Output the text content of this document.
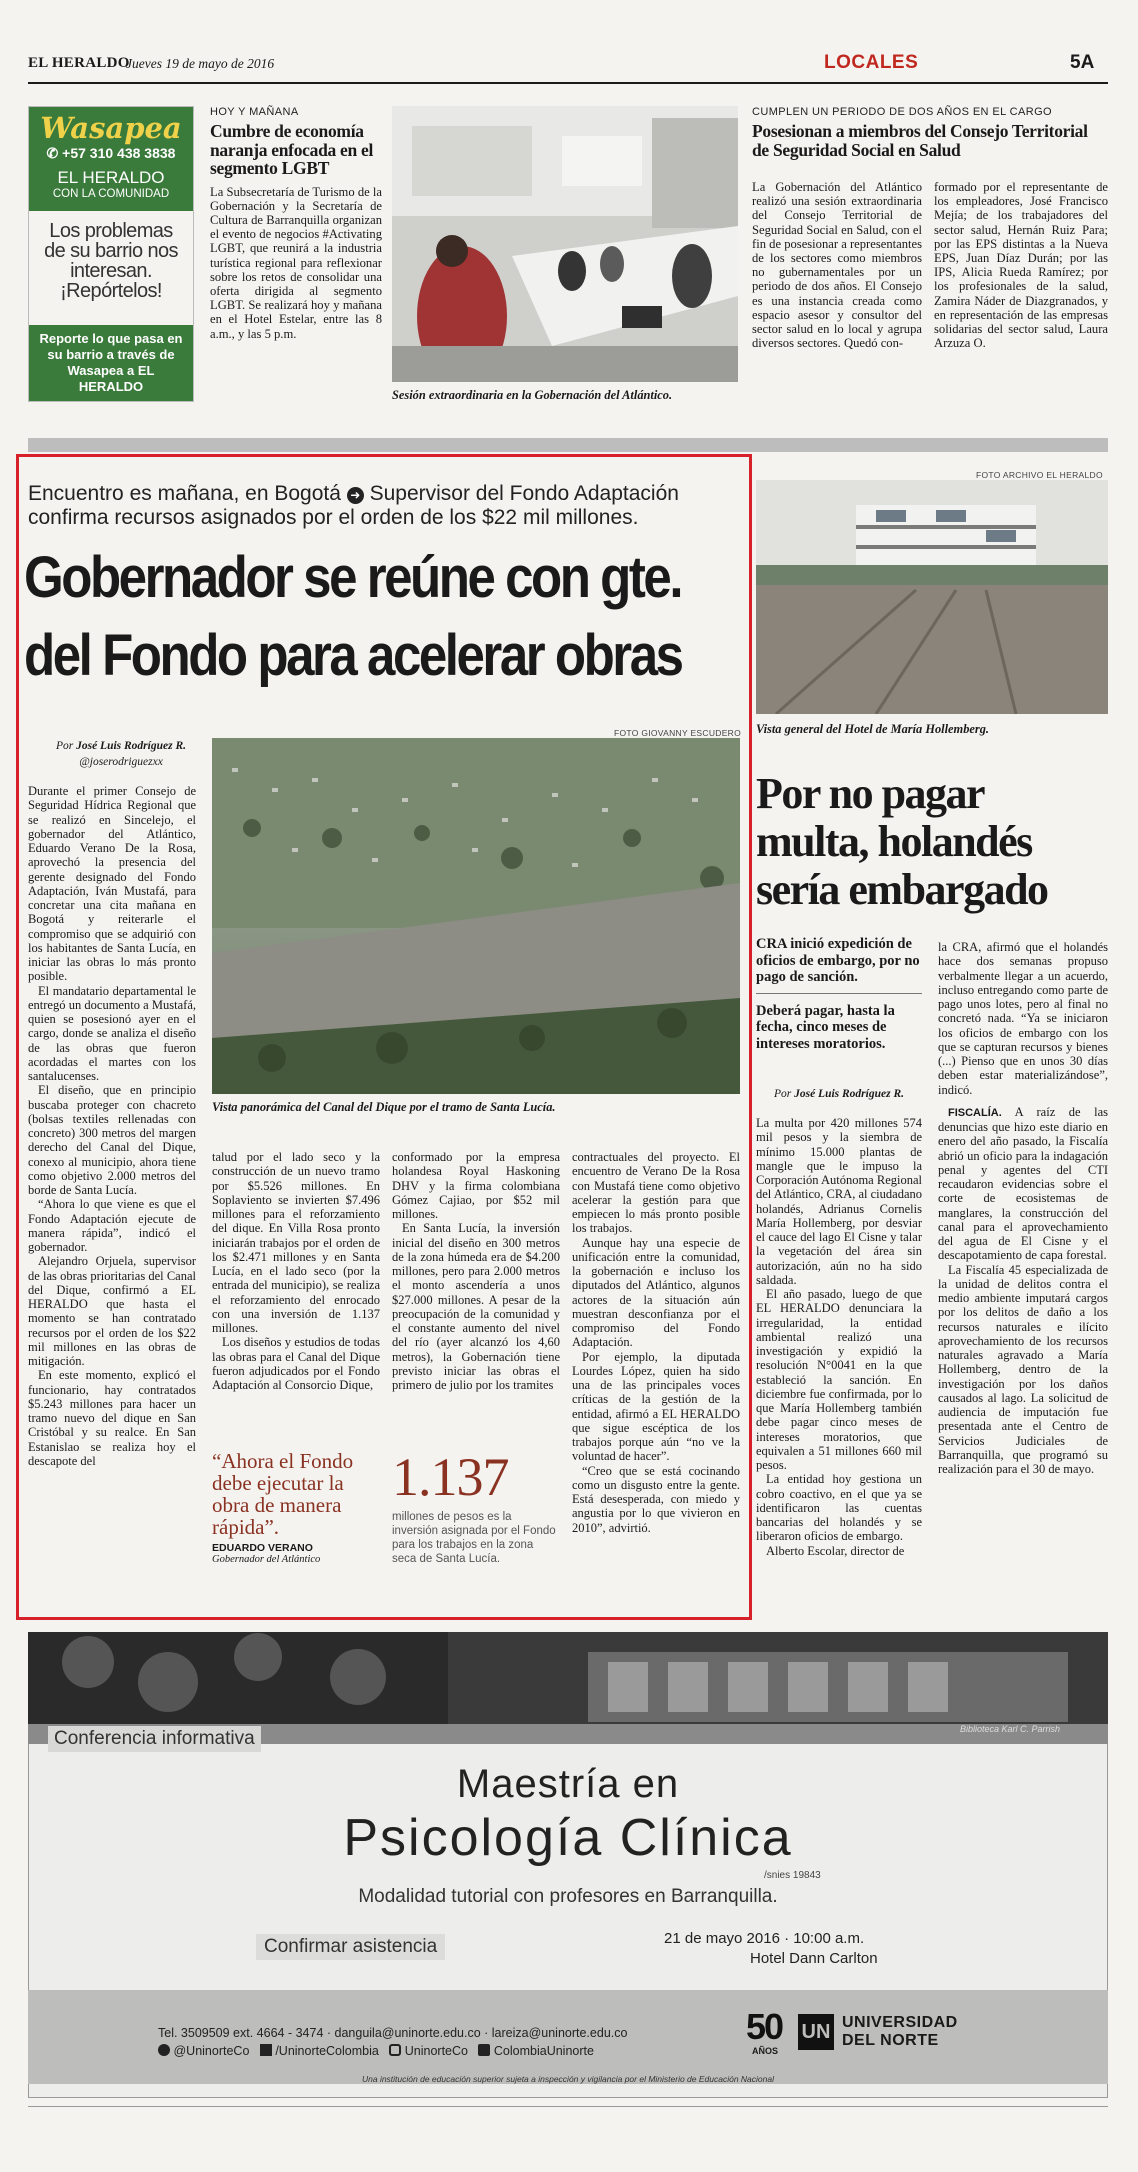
EL HERALDO
Jueves 19 de mayo de 2016	LOCALES	5A
Wasapea
✆ +57 310 438 3838
EL HERALDO
CON LA COMUNIDAD
Los problemas de su barrio nos interesan. ¡Repórtelos!
Reporte lo que pasa en su barrio a través de Wasapea a EL HERALDO
HOY Y MAÑANA
Cumbre de economía naranja enfocada en el segmento LGBT
La Subsecretaría de Turismo de la Gobernación y la Secretaría de Cultura de Barranquilla organizan el evento de negocios #Activating LGBT, que reunirá a la industria turística regional para reflexionar sobre los retos de consolidar una oferta dirigida al segmento LGBT. Se realizará hoy y mañana en el Hotel Estelar, entre las 8 a.m., y las 5 p.m.
Sesión extraordinaria en la Gobernación del Atlántico.
CUMPLEN UN PERIODO DE DOS AÑOS EN EL CARGO
Posesionan a miembros del Consejo Territorial de Seguridad Social en Salud
La Gobernación del Atlántico realizó una sesión extraordinaria del Consejo Territorial de Seguridad Social en Salud, con el fin de posesionar a representantes de los sectores como miembros no gubernamentales por un periodo de dos años. El Consejo es una instancia creada como espacio asesor y consultor del sector salud en lo local y agrupa diversos sectores. Quedó con-
formado por el representante de los empleadores, José Francisco Mejía; de los trabajadores del sector salud, Hernán Ruiz Para; por las EPS distintas a la Nueva EPS, Juan Díaz Durán; por las IPS, Alicia Rueda Ramírez; por los profesionales de la salud, Zamira Náder de Diazgranados, y en representación de las empresas solidarias del sector salud, Laura Arzuza O.
Encuentro es mañana, en Bogotá ➜ Supervisor del Fondo Adaptación confirma recursos asignados por el orden de los $22 mil millones.
Gobernador se reúne con gte.
del Fondo para acelerar obras
Por José Luis Rodríguez R.
@joserodriguezxx
FOTO GIOVANNY ESCUDERO
Vista panorámica del Canal del Dique por el tramo de Santa Lucía.

Durante el primer Consejo de Seguridad Hídrica Regional que se realizó en Sincelejo, el gobernador del Atlántico, Eduardo Verano De la Rosa, aprovechó la presencia del gerente designado del Fondo Adaptación, Iván Mustafá, para concretar una cita mañana en Bogotá y reiterarle el compromiso que se adquirió con los habitantes de Santa Lucía, en iniciar las obras lo más pronto posible.

El mandatario departamental le entregó un documento a Mustafá, quien se posesionó ayer en el cargo, donde se analiza el diseño de las obras que fueron acordadas el martes con los santalucenses.

El diseño, que en principio buscaba proteger con chacreto (bolsas textiles rellenadas con concreto) 300 metros del margen derecho del Canal del Dique, conexo al municipio, ahora tiene como objetivo 2.000 metros del borde de Santa Lucía.

“Ahora lo que viene es que el Fondo Adaptación ejecute de manera rápida”, indicó el gobernador.

Alejandro Orjuela, supervisor de las obras prioritarias del Canal del Dique, confirmó a EL HERALDO que hasta el momento se han contratado recursos por el orden de los $22 mil millones en las obras de mitigación.

En este momento, explicó el funcionario, hay contratados $5.243 millones para hacer un tramo nuevo del dique en San Cristóbal y su realce. En San Estanislao se realiza hoy el descapote del

talud por el lado seco y la construcción de un nuevo tramo por $5.526 millones. En Soplaviento se invierten $7.496 millones para el reforzamiento del dique. En Villa Rosa pronto iniciarán trabajos por el orden de los $2.471 millones y en Santa Lucía, en el lado seco (por la entrada del municipio), se realiza el reforzamiento del enrocado con una inversión de 1.137 millones.

Los diseños y estudios de todas las obras para el Canal del Dique fueron adjudicados por el Fondo Adaptación al Consorcio Dique,

conformado por la empresa holandesa Royal Haskoning DHV y la firma colombiana Gómez Cajiao, por $52 mil millones.

En Santa Lucía, la inversión inicial del diseño en 300 metros de la zona húmeda era de $4.200 millones, pero para 2.000 metros el monto ascendería a unos $27.000 millones. A pesar de la preocupación de la comunidad y el constante aumento del nivel del río (ayer alcanzó los 4,60 metros), la Gobernación tiene previsto iniciar las obras el primero de julio por los tramites

contractuales del proyecto. El encuentro de Verano De la Rosa con Mustafá tiene como objetivo acelerar la gestión para que empiecen lo más pronto posible los trabajos.

Aunque hay una especie de unificación entre la comunidad, la gobernación e incluso los diputados del Atlántico, algunos actores de la situación aún muestran desconfianza por el compromiso del Fondo Adaptación.

Por ejemplo, la diputada Lourdes López, quien ha sido una de las principales voces críticas de la gestión de la entidad, afirmó a EL HERALDO que sigue escéptica de los trabajos porque aún “no ve la voluntad de hacer”.

“Creo que se está cocinando como un disgusto entre la gente. Está desesperada, con miedo y angustia por lo que vivieron en 2010”, advirtió.

“Ahora el Fondo debe ejecutar la obra de manera rápida”.
EDUARDO VERANO
Gobernador del Atlántico
1.137
millones de pesos es la inversión asignada por el Fondo para los trabajos en la zona seca de Santa Lucía.
FOTO ARCHIVO EL HERALDO
Vista general del Hotel de María Hollemberg.
Por no pagar multa, holandés sería embargado
CRA inició expedición de oficios de embargo, por no pago de sanción.
Deberá pagar, hasta la fecha, cinco meses de intereses moratorios.
Por José Luis Rodríguez R.

La multa por 420 millones 574 mil pesos y la siembra de mínimo 15.000 plantas de mangle que le impuso la Corporación Autónoma Regional del Atlántico, CRA, al ciudadano holandés, Adrianus Cornelis María Hollemberg, por desviar el cauce del lago El Cisne y talar la vegetación del área sin autorización, aún no ha sido saldada.

El año pasado, luego de que EL HERALDO denunciara la irregularidad, la entidad ambiental realizó una investigación y expidió la resolución N°0041 en la que estableció la sanción. En diciembre fue confirmada, por lo que María Hollemberg también debe pagar cinco meses de intereses moratorios, que equivalen a 51 millones 660 mil pesos.

La entidad hoy gestiona un cobro coactivo, en el que ya se identificaron las cuentas bancarias del holandés y se liberaron oficios de embargo.

Alberto Escolar, director de

la CRA, afirmó que el holandés hace dos semanas propuso verbalmente llegar a un acuerdo, incluso entregando como parte de pago unos lotes, pero al final no concretó nada. “Ya se iniciaron los oficios de embargo con los que se capturan recursos y bienes (...) Pienso que en unos 30 días deben estar materializándose”, indicó.

FISCALÍA. A raíz de las denuncias que hizo este diario en enero del año pasado, la Fiscalía abrió un oficio para la indagación penal y agentes del CTI recaudaron evidencias sobre el corte de ecosistemas de manglares, la construcción del canal para el aprovechamiento del agua de El Cisne y el descapotamiento de capa forestal.

La Fiscalía 45 especializada de la unidad de delitos contra el medio ambiente imputará cargos por los delitos de daño a los recursos naturales e ilícito aprovechamiento de los recursos naturales agravado a María Hollemberg, dentro de la investigación por los daños causados al lago. La solicitud de audiencia de imputación fue presentada ante el Centro de Servicios Judiciales de Barranquilla, que programó su realización para el 30 de mayo.

Biblioteca Karl C. Parrish
Conferencia informativa
Maestría en
Psicología Clínica
/snies 19843
Modalidad tutorial con profesores en Barranquilla.
Confirmar asistencia	21 de mayo 2016 · 10:00 a.m.
Hotel Dann Carlton
Tel. 3509509 ext. 4664 - 3474 · danguila@uninorte.edu.co · lareiza@uninorte.edu.co
@UninorteCo /UninorteColombia UninorteCo ColombiaUninorte
50
AÑOS
UN UNIVERSIDAD
DEL NORTE
Una institución de educación superior sujeta a inspección y vigilancia por el Ministerio de Educación Nacional
